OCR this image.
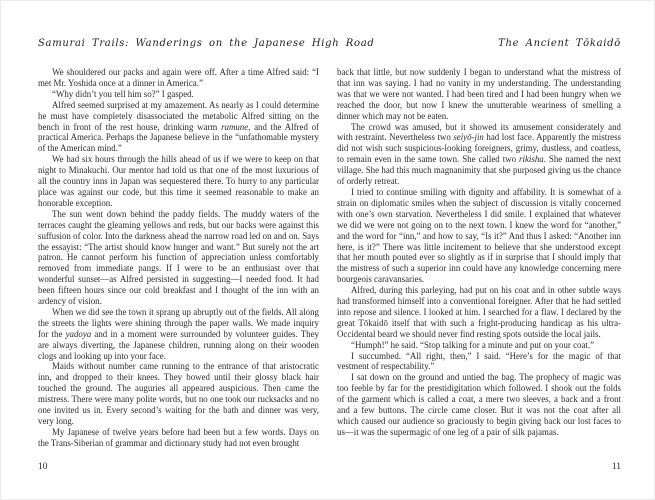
Samurai Trails: Wanderings on the Japanese High Road

We shouldered our packs and again were off. After a time Alfred said: “I met Mr. Yoshida once at a dinner in America.”

“Why didn’t you tell him so?” I gasped.

Alfred seemed surprised at my amazement. As nearly as I could determine he must have completely disassociated the metabolic Alfred sitting on the bench in front of the rest house, drinking warm ramune, and the Alfred of practical America. Perhaps the Japanese believe in the “unfathomable mystery of the American mind.”

We had six hours through the hills ahead of us if we were to keep on that night to Minakuchi. Our mentor had told us that one of the most luxurious of all the country inns in Japan was sequestered there. To hurry to any particular place was against our code, but this time it seemed reasonable to make an honorable exception.

The sun went down behind the paddy fields. The muddy waters of the terraces caught the gleaming yellows and reds, but our backs were against this suffusion of color. Into the darkness ahead the narrow road led on and on. Says the essayist: “The artist should know hunger and want.” But surely not the art patron. He cannot perform his function of appreciation unless comfortably removed from immediate pangs. If I were to be an enthusiast over that wonderful sunset—as Alfred persisted in suggesting—I needed food. It had been fifteen hours since our cold breakfast and I thought of the inn with an ardency of vision.

When we did see the town it sprang up abruptly out of the fields. All along the streets the lights were shining through the paper walls. We made inquiry for the yadoya and in a moment were surrounded by volunteer guides. They are always diverting, the Japanese children, running along on their wooden clogs and looking up into your face.

Maids without number came running to the entrance of that aristocratic inn, and dropped to their knees. They bowed until their glossy black hair touched the ground. The auguries all appeared auspicious. Then came the mistress. There were many polite words, but no one took our rucksacks and no one invited us in. Every second’s waiting for the bath and dinner was very, very long.

My Japanese of twelve years before had been but a few words. Days on the Trans-Siberian of grammar and dictionary study had not even brought

10
The Ancient Tōkaidō

back that little, but now suddenly I began to understand what the mistress of that inn was saying. I had no vanity in my understanding. The understanding was that we were not wanted. I had been tired and I had been hungry when we reached the door, but now I knew the unutterable weariness of smelling a dinner which may not be eaten.

The crowd was amused, but it showed its amusement considerately and with restraint. Nevertheless two seiyō-jin had lost face. Apparently the mistress did not wish such suspicious-looking foreigners, grimy, dustless, and coatless, to remain even in the same town. She called two rikisha. She named the next village. She had this much magnanimity that she purposed giving us the chance of orderly retreat.

I tried to continue smiling with dignity and affability. It is somewhat of a strain on diplomatic smiles when the subject of discussion is vitally concerned with one’s own starvation. Nevertheless I did smile. I explained that whatever we did we were not going on to the next town. I knew the word for “another,” and the word for “inn,” and how to say, “Is it?” And thus I asked: “Another inn here, is it?” There was little incitement to believe that she understood except that her mouth pouted ever so slightly as if in surprise that I should imply that the mistress of such a superior inn could have any knowledge concerning mere bourgeois caravansaries.

Alfred, during this parleying, had put on his coat and in other subtle ways had transformed himself into a conventional foreigner. After that he had settled into repose and silence. I looked at him. I searched for a flaw. I declared by the great Tōkaidō itself that with such a fright-producing handicap as his ultra-Occidental beard we should never find resting spots outside the local jails.

“Humph!” he said. “Stop talking for a minute and put on your coat.”

I succumbed. “All right, then,” I said. “Here’s for the magic of that vestment of respectability.”

I sat down on the ground and untied the bag. The prophecy of magic was too feeble by far for the prestidigitation which followed. I shook out the folds of the garment which is called a coat, a mere two sleeves, a back and a front and a few buttons. The circle came closer. But it was not the coat after all which caused our audience so graciously to begin giving back our lost faces to us—it was the supermagic of one leg of a pair of silk pajamas.

11
